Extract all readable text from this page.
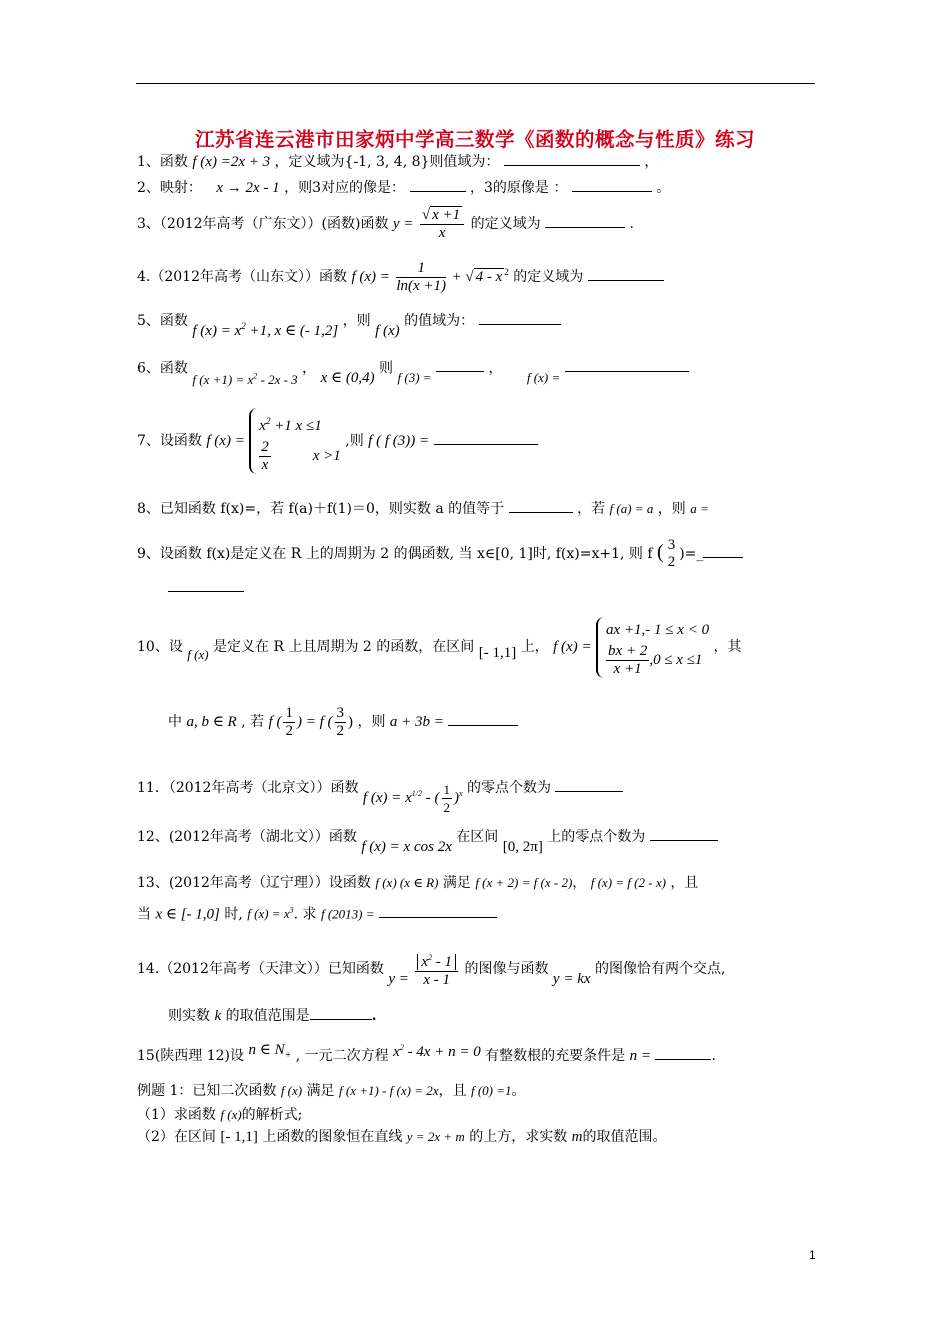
江苏省连云港市田家炳中学高三数学《函数的概念与性质》练习
1、函数 f (x) =2x + 3 ，定义域为{-1, 3, 4, 8}则值域为：	，
2、映射： x → 2x - 1 ，则3对应的像是：	，3的原像是 ：	。
3、（2012年高考（广东文））(函数)函数 $y = \frac{√ x +1}{x}$ 的定义域为	.
4.（2012年高考（山东文））函数 f $(x) = \frac{1}{\ln(x +1)}$ + √ 4 - x $^2$ 的定义域为
5、函数 f $(x) = x^2 +1$, x ∈ (- 1,2] ，则 f (x) 的值域为：
6、函数 f $(x +1) = x^2 - 2x - 3$ ， x ∈ (0,4) 则 f (3) =  ， f (x) =
7、设函数 f (x) =
$x^2 +1$ x ≤1
$\frac{2}{x}$	x >1
,则 f ( f (3)) =
8、已知函数 f(x)=，若 f(a)＋f(1)＝0，则实数 a 的值等于	，若 f (a) = a ，则 a =
9、设函数 f(x)是定义在 R 上的周期为 2 的偶函数, 当 x∈[0, 1]时, f(x)=x+1, 则 f ( 3
2 )=_
10、设 f (x) 是定义在 R 上且周期为 2 的函数，在区间 [- 1,1] 上， f (x) =
ax +1,- 1 ≤ x < 0
$\frac{bx + 2}{x +1} ,0 \le x \le 1$
，其
中 a, b ∈ R , 若 f ( $\frac{1}{2}$ ) = f ( $\frac{3}{2}$ ) ，则 a + 3b =
11．（2012年高考（北京文））函数 f $(x) = x^{1/2}$ - ( $\frac{1}{2} )^x$ 的零点个数为
12、(2012年高考（湖北文））函数 f (x) = x cos 2x 在区间 [0, 2π] 上的零点个数为
13、(2012年高考（辽宁理））设函数 f (x) (x ∈ R) 满足 f (x + 2) = f (x - 2)， f (x) = f (2 - x) ，且
当 x ∈ [- 1,0] 时, f $(x) = x^3$. 求 f (2013) =
14.（2012年高考（天津文））已知函数 $y = \frac{x^2 - 1}{x - 1}$ 的图像与函数 y = kx 的图像恰有两个交点,
则实数 k 的取值范围是	.
15(陕西理 12)设 n ∈ $N_+$ , 一元二次方程 $x^2 - 4x + n = 0$ 有整数根的充要条件是 n =	.
例题 1：已知二次函数 f (x) 满足 f (x +1) - f (x) = 2x，且 f (0) =1。
（1）求函数 f (x)的解析式;
（2）在区间 [- 1,1] 上函数的图象恒在直线 y = 2x + m 的上方，求实数 m的取值范围。
1
